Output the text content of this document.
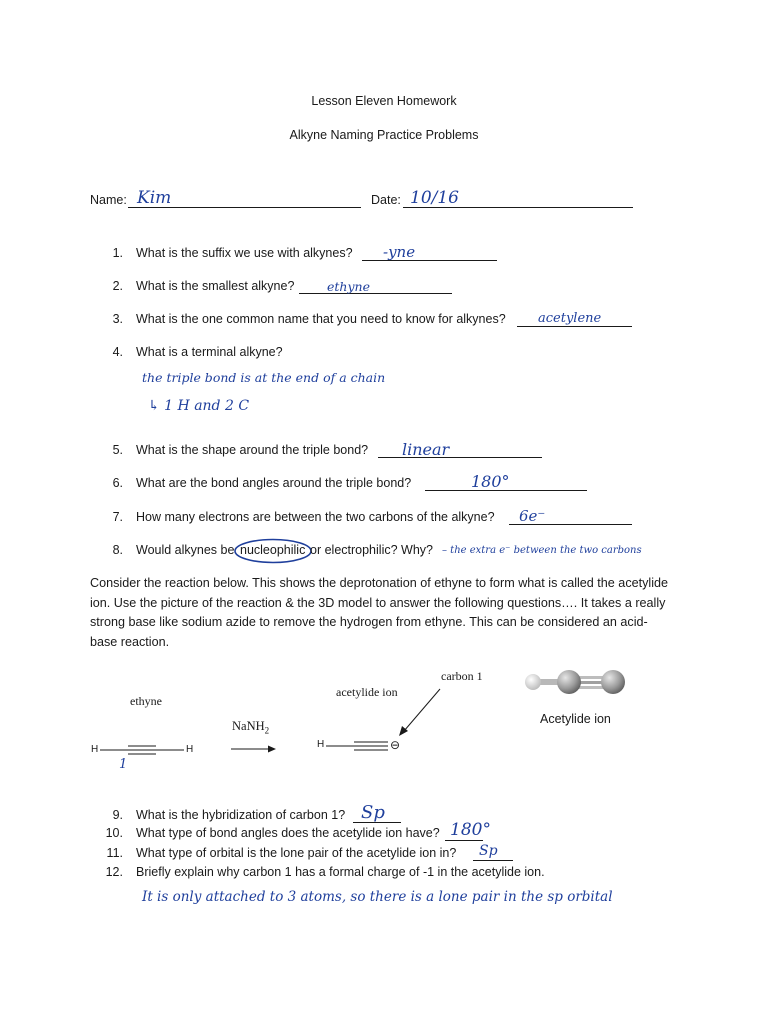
Lesson Eleven Homework
Alkyne Naming Practice Problems
Name: Kim	Date: 10/16
1. What is the suffix we use with alkynes? -yne
2. What is the smallest alkyne?	ethyne
3. What is the one common name that you need to know for alkynes? acetylene
4. What is a terminal alkyne?
the triple bond is at the end of a chain
↳ 1 H and 2 C
5. What is the shape around the triple bond? linear
6. What are the bond angles around the triple bond?	180°
7. How many electrons are between the two carbons of the alkyne? 6e⁻
8. Would alkynes be nucleophilic or electrophilic? Why? – the extra e⁻ between the two carbons
Consider the reaction below. This shows the deprotonation of ethyne to form what is called the acetylide ion. Use the picture of the reaction & the 3D model to answer the following questions…. It takes a really strong base like sodium azide to remove the hydrogen from ethyne. This can be considered an acid-base reaction.
ethyne
acetylide ion
carbon 1
NaNH$_2$
Acetylide ion
H	H
1
H	⊖
9. What is the hybridization of carbon 1? Sp
10. What type of bond angles does the acetylide ion have? 180°
11. What type of orbital is the lone pair of the acetylide ion in? Sp
12. Briefly explain why carbon 1 has a formal charge of -1 in the acetylide ion.
It is only attached to 3 atoms, so there is a lone pair in the sp orbital
